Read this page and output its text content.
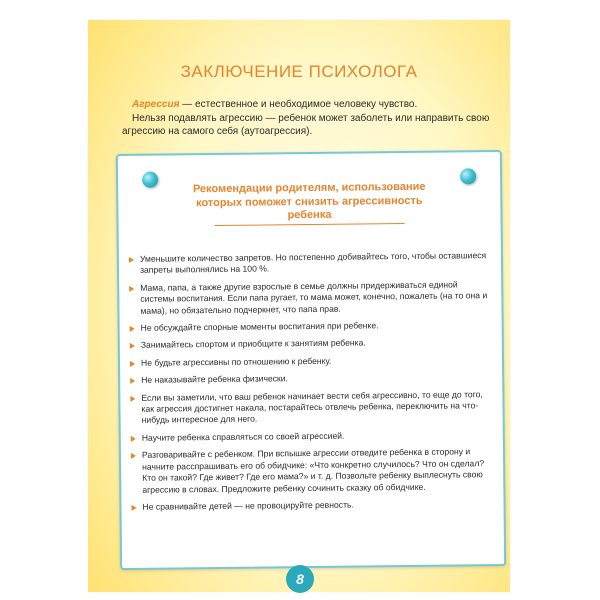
ЗАКЛЮЧЕНИЕ ПСИХОЛОГА

Агрессия — естественное и необходимое человеку чувство.

Нельзя подавлять агрессию — ребенок может заболеть или направить свою агрессию на самого себя (аутоагрессия).

Рекомендации родителям, использование которых поможет снизить агрессивность ребенка
Уменьшите количество запретов. Но постепенно добивайтесь того, чтобы оставшиеся запреты выполнялись на 100 %.
Мама, папа, а также другие взрослые в семье должны придерживаться единой системы воспитания. Если папа ругает, то мама может, конечно, пожалеть (на то она и мама), но обязательно подчеркнет, что папа прав.
Не обсуждайте спорные моменты воспитания при ребенке.
Занимайтесь спортом и приобщите к занятиям ребенка.
Не будьте агрессивны по отношению к ребенку.
Не наказывайте ребенка физически.
Если вы заметили, что ваш ребенок начинает вести себя агрессивно, то еще до того, как агрессия достигнет накала, постарайтесь отвлечь ребенка, переключить на что-нибудь интересное для него.
Научите ребенка справляться со своей агрессией.
Разговаривайте с ребенком. При вспышке агрессии отведите ребенка в сторону и начните расспрашивать его об обидчике: «Что конкретно случилось? Что он сделал? Кто он такой? Где живет? Где его мама?» и т. д. Позвольте ребенку выплеснуть свою агрессию в словах. Предложите ребенку сочинить сказку об обидчике.
Не сравнивайте детей — не провоцируйте ревность.
8
